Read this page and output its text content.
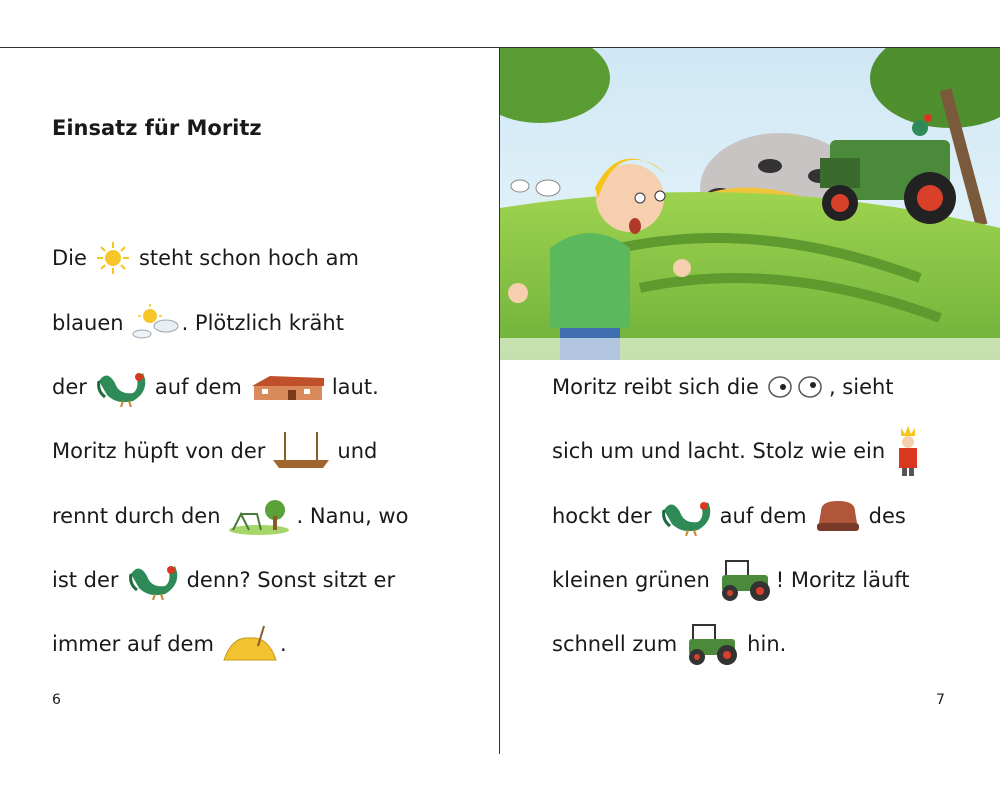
Einsatz für Moritz
Die steht schon hoch am
blauen	. Plötzlich kräht
der	auf dem	laut.
Moritz hüpft von der	und
rennt durch den	. Nanu, wo
ist der	denn? Sonst sitzt er
immer auf dem	.
6
Moritz reibt sich die	, sieht
sich um und lacht. Stolz wie ein
hockt der	auf dem	des
kleinen grünen	! Moritz läuft
schnell zum	hin.
7
